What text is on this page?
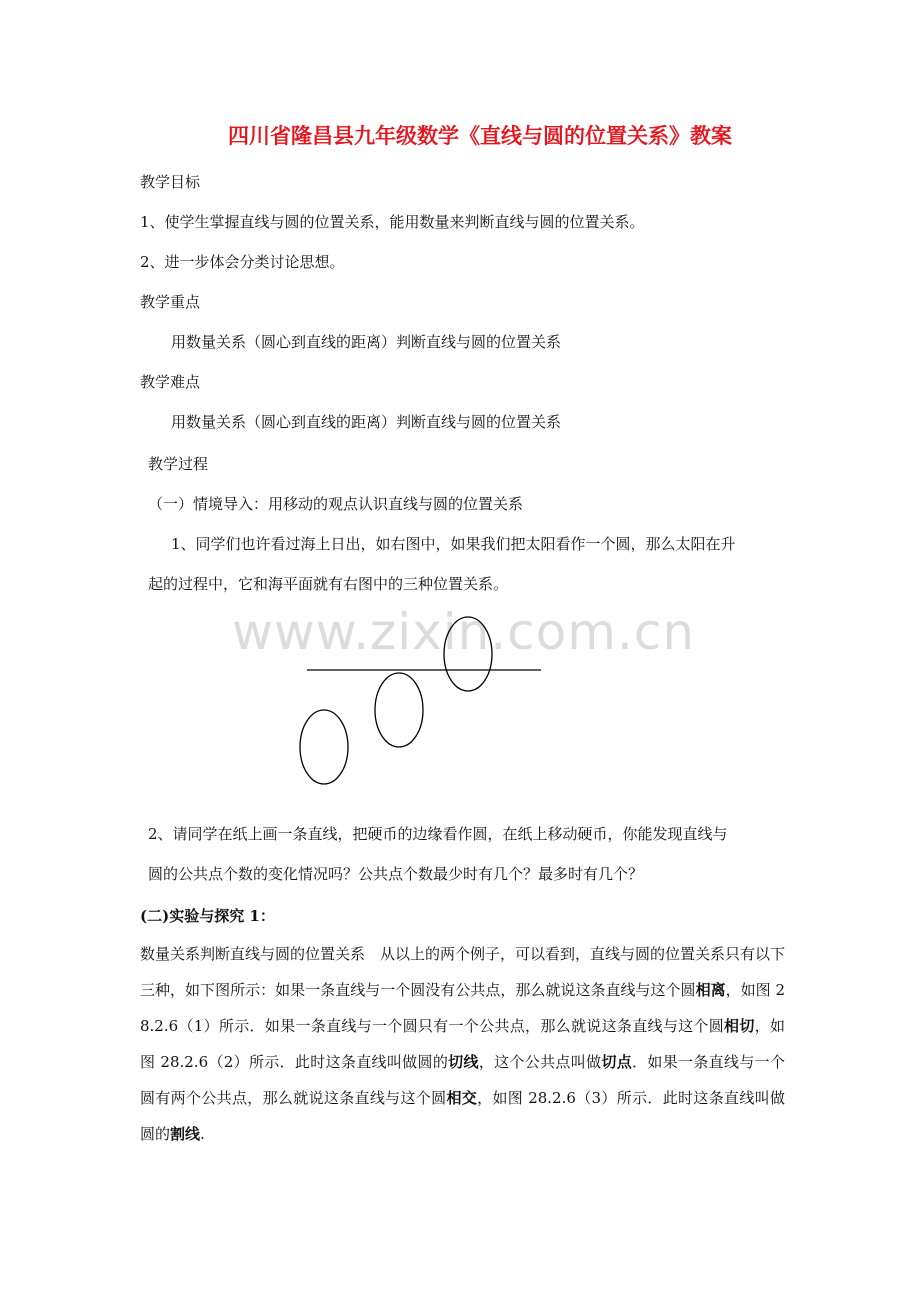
四川省隆昌县九年级数学《直线与圆的位置关系》教案
教学目标
1、使学生掌握直线与圆的位置关系，能用数量来判断直线与圆的位置关系。
2、进一步体会分类讨论思想。
教学重点
用数量关系（圆心到直线的距离）判断直线与圆的位置关系
教学难点
用数量关系（圆心到直线的距离）判断直线与圆的位置关系
教学过程
（一）情境导入：用移动的观点认识直线与圆的位置关系
1、同学们也许看过海上日出，如右图中，如果我们把太阳看作一个圆，那么太阳在升
起的过程中，它和海平面就有右图中的三种位置关系。
www.zixin.com.cn
2、请同学在纸上画一条直线，把硬币的边缘看作圆，在纸上移动硬币，你能发现直线与
圆的公共点个数的变化情况吗？公共点个数最少时有几个？最多时有几个？
(二)实验与探究 1：
数量关系判断直线与圆的位置关系　从以上的两个例子，可以看到，直线与圆的位置关系只有以下三种，如下图所示：如果一条直线与一个圆没有公共点，那么就说这条直线与这个圆相离，如图 28.2.6（1）所示．如果一条直线与一个圆只有一个公共点，那么就说这条直线与这个圆相切，如图 28.2.6（2）所示．此时这条直线叫做圆的切线，这个公共点叫做切点．如果一条直线与一个圆有两个公共点，那么就说这条直线与这个圆相交，如图 28.2.6（3）所示．此时这条直线叫做圆的割线.
